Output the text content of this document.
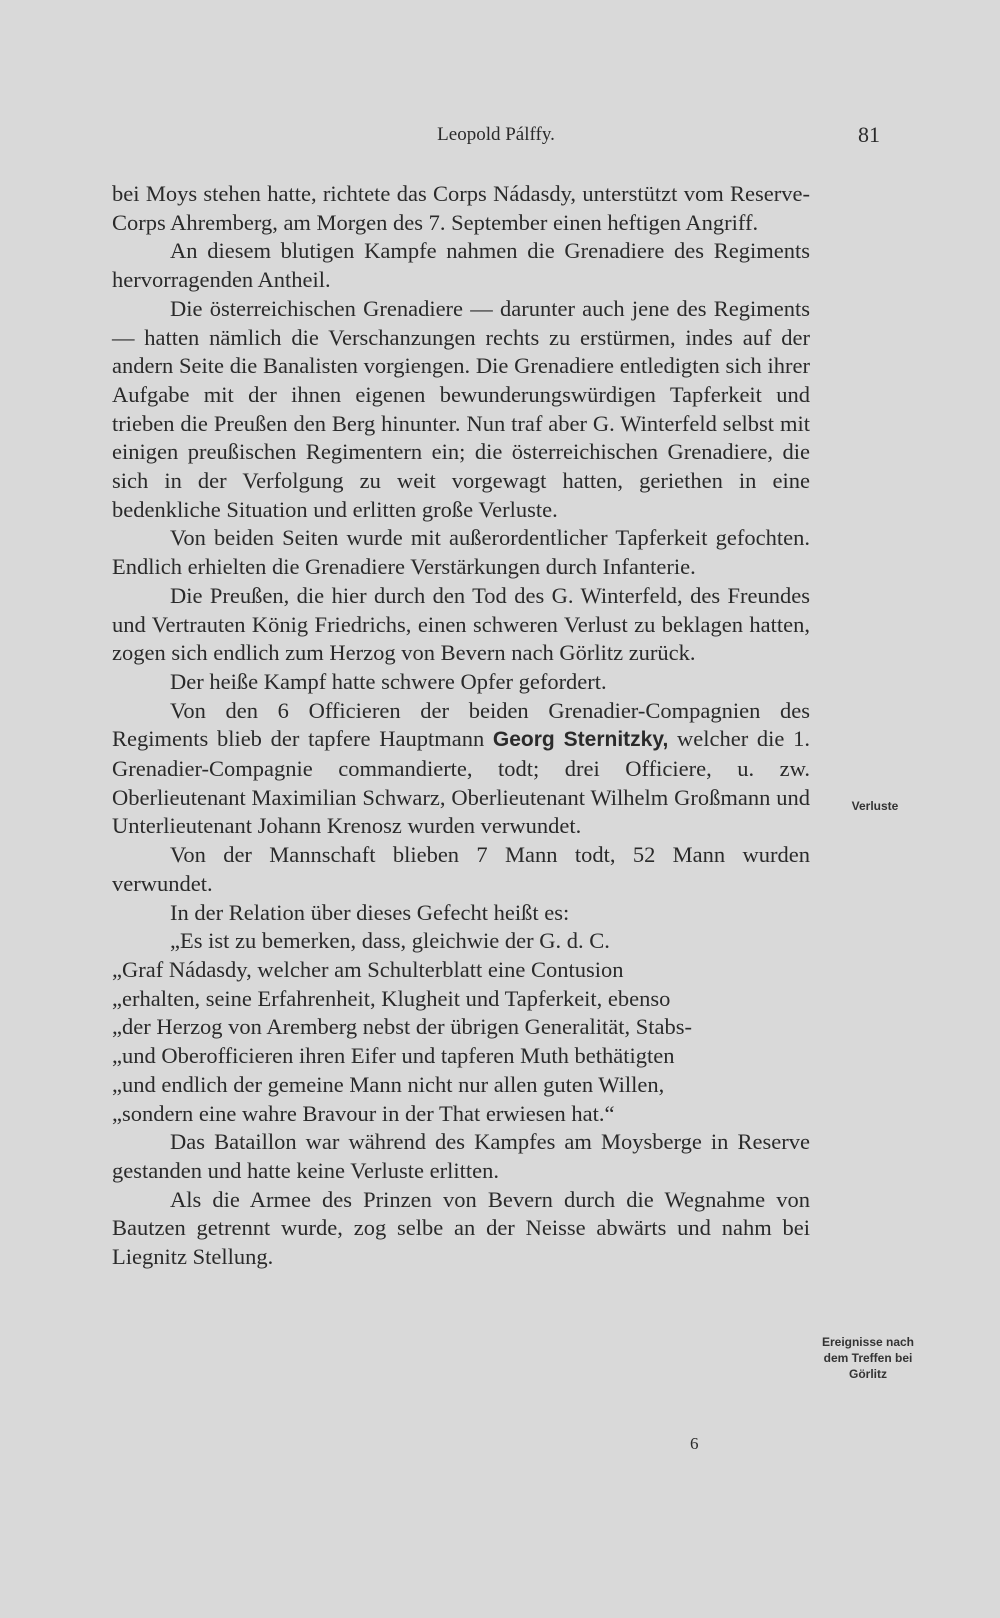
Leopold Pálffy.	81

bei Moys stehen hatte, richtete das Corps Nádasdy, unterstützt vom Reserve-Corps Ahremberg, am Morgen des 7. September einen heftigen Angriff.

An diesem blutigen Kampfe nahmen die Grenadiere des Regiments hervorragenden Antheil.

Die österreichischen Grenadiere — darunter auch jene des Regiments — hatten nämlich die Verschanzungen rechts zu erstürmen, indes auf der andern Seite die Banalisten vorgiengen. Die Grenadiere entledigten sich ihrer Aufgabe mit der ihnen eigenen bewunderungswürdigen Tapferkeit und trieben die Preußen den Berg hinunter. Nun traf aber G. Winterfeld selbst mit einigen preußischen Regimentern ein; die österreichischen Grenadiere, die sich in der Verfolgung zu weit vorgewagt hatten, geriethen in eine bedenkliche Situation und erlitten große Verluste.

Von beiden Seiten wurde mit außerordentlicher Tapferkeit gefochten. Endlich erhielten die Grenadiere Verstärkungen durch Infanterie.

Die Preußen, die hier durch den Tod des G. Winterfeld, des Freundes und Vertrauten König Friedrichs, einen schweren Verlust zu beklagen hatten, zogen sich endlich zum Herzog von Bevern nach Görlitz zurück.

Der heiße Kampf hatte schwere Opfer gefordert.

Von den 6 Officieren der beiden Grenadier-Compagnien des Regiments blieb der tapfere Hauptmann Georg Sternitzky, welcher die 1. Grenadier-Compagnie commandierte, todt; drei Officiere, u. zw. Oberlieutenant Maximilian Schwarz, Oberlieutenant Wilhelm Großmann und Unterlieutenant Johann Krenosz wurden verwundet.

Von der Mannschaft blieben 7 Mann todt, 52 Mann wurden verwundet.

In der Relation über dieses Gefecht heißt es:

„Es ist zu bemerken, dass, gleichwie der G. d. C.

„Graf Nádasdy, welcher am Schulterblatt eine Contusion

„erhalten, seine Erfahrenheit, Klugheit und Tapferkeit, ebenso

„der Herzog von Aremberg nebst der übrigen Generalität, Stabs-

„und Oberofficieren ihren Eifer und tapferen Muth bethätigten

„und endlich der gemeine Mann nicht nur allen guten Willen,

„sondern eine wahre Bravour in der That erwiesen hat.“

Das Bataillon war während des Kampfes am Moysberge in Reserve gestanden und hatte keine Verluste erlitten.

Als die Armee des Prinzen von Bevern durch die Wegnahme von Bautzen getrennt wurde, zog selbe an der Neisse abwärts und nahm bei Liegnitz Stellung.

Verluste
Ereignisse nach dem Treffen bei Görlitz
6
